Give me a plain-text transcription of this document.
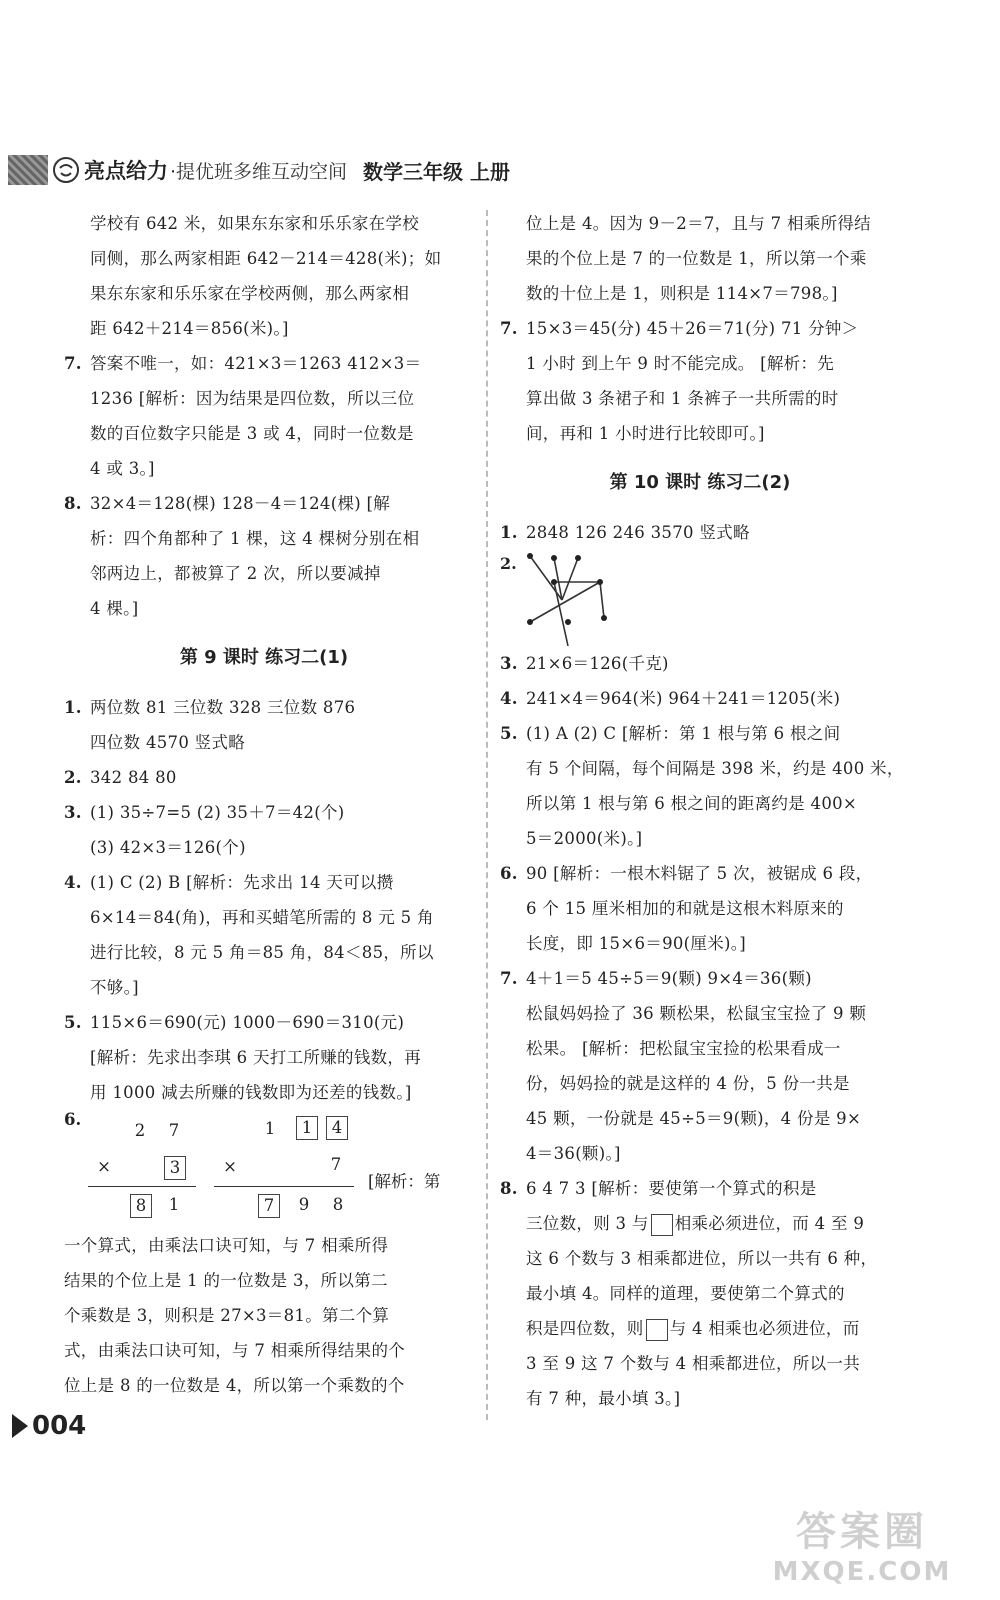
亮点给力 ·提优班多维互动空间 数学三年级 上册
学校有 642 米，如果东东家和乐乐家在学校
同侧，那么两家相距 642－214＝428(米)；如
果东东家和乐乐家在学校两侧，那么两家相
距 642＋214＝856(米)。]
7. 答案不唯一，如：421×3＝1263 412×3＝
1236 [解析：因为结果是四位数，所以三位
数的百位数字只能是 3 或 4，同时一位数是
4 或 3。]
8. 32×4＝128(棵) 128－4＝124(棵) [解
析：四个角都种了 1 棵，这 4 棵树分别在相
邻两边上，都被算了 2 次，所以要减掉
4 棵。]
第 9 课时 练习二(1)
1. 两位数 81 三位数 328 三位数 876
四位数 4570 竖式略
2. 342 84 80
3. (1) 35÷7=5 (2) 35＋7＝42(个)
(3) 42×3＝126(个)
4. (1) C (2) B [解析：先求出 14 天可以攒
6×14＝84(角)，再和买蜡笔所需的 8 元 5 角
进行比较，8 元 5 角＝85 角，84＜85，所以
不够。]
5. 115×6＝690(元) 1000－690＝310(元)
[解析：先求出李琪 6 天打工所赚的钱数，再
用 1000 减去所赚的钱数即为还差的钱数。]
6.
2 7
×	3
8	1
1	1	4
×	7
7	9 8
[解析：第
一个算式，由乘法口诀可知，与 7 相乘所得
结果的个位上是 1 的一位数是 3，所以第二
个乘数是 3，则积是 27×3＝81。第二个算
式，由乘法口诀可知，与 7 相乘所得结果的个
位上是 8 的一位数是 4，所以第一个乘数的个
位上是 4。因为 9－2＝7，且与 7 相乘所得结
果的个位上是 7 的一位数是 1，所以第一个乘
数的十位上是 1，则积是 114×7＝798。]
7. 15×3＝45(分) 45＋26＝71(分) 71 分钟＞
1 小时 到上午 9 时不能完成。 [解析：先
算出做 3 条裙子和 1 条裤子一共所需的时
间，再和 1 小时进行比较即可。]
第 10 课时 练习二(2)
1. 2848 126 246 3570 竖式略
2.
3. 21×6＝126(千克)
4. 241×4＝964(米) 964＋241＝1205(米)
5. (1) A (2) C [解析：第 1 根与第 6 根之间
有 5 个间隔，每个间隔是 398 米，约是 400 米，
所以第 1 根与第 6 根之间的距离约是 400×
5＝2000(米)。]
6. 90 [解析：一根木料锯了 5 次，被锯成 6 段，
6 个 15 厘米相加的和就是这根木料原来的
长度，即 15×6＝90(厘米)。]
7. 4＋1＝5 45÷5＝9(颗) 9×4＝36(颗)
松鼠妈妈捡了 36 颗松果，松鼠宝宝捡了 9 颗
松果。 [解析：把松鼠宝宝捡的松果看成一
份，妈妈捡的就是这样的 4 份，5 份一共是
45 颗，一份就是 45÷5＝9(颗)，4 份是 9×
4＝36(颗)。]
8. 6 4 7 3 [解析：要使第一个算式的积是
三位数，则 3 与 相乘必须进位，而 4 至 9
这 6 个数与 3 相乘都进位，所以一共有 6 种，
最小填 4。同样的道理，要使第二个算式的
积是四位数，则 与 4 相乘也必须进位，而
3 至 9 这 7 个数与 4 相乘都进位，所以一共
有 7 种，最小填 3。]
004
答案圈
MXQE.COM
